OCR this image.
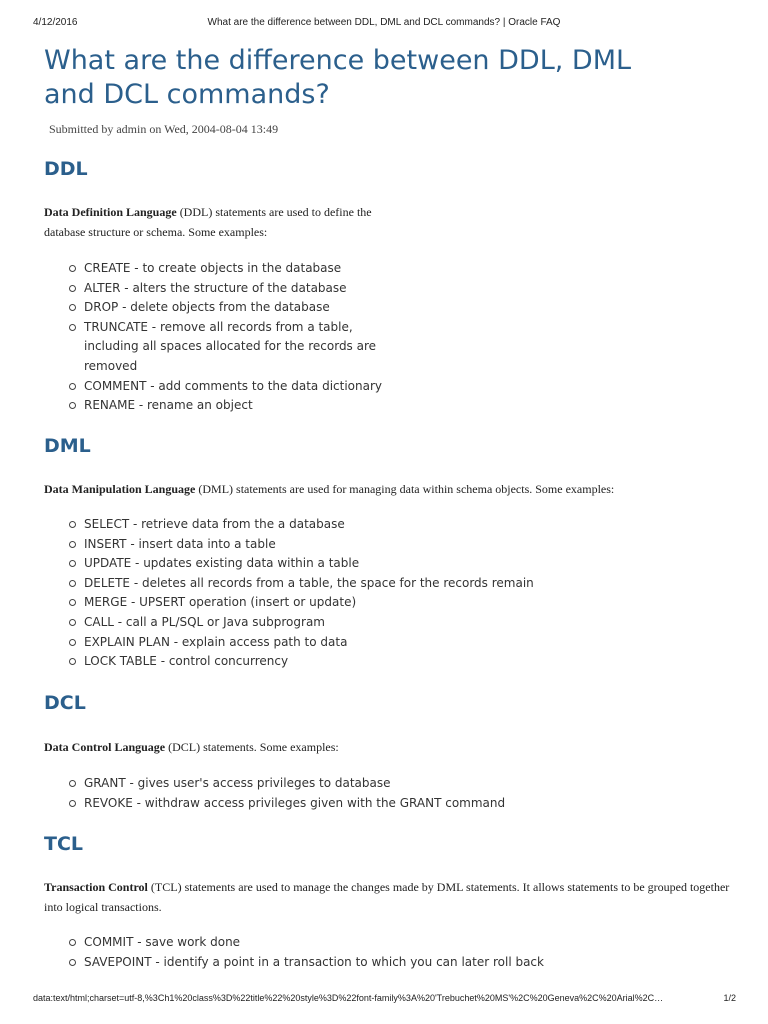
4/12/2016	What are the difference between DDL, DML and DCL commands? | Oracle FAQ
What are the difference between DDL, DML and DCL commands?
Submitted by admin on Wed, 2004-08-04 13:49
DDL

Data Definition Language (DDL) statements are used to define the
database structure or schema. Some examples:

CREATE - to create objects in the database
ALTER - alters the structure of the database
DROP - delete objects from the database
TRUNCATE - remove all records from a table, including all spaces allocated for the records are removed
COMMENT - add comments to the data dictionary
RENAME - rename an object
DML

Data Manipulation Language (DML) statements are used for managing data within schema objects. Some examples:

SELECT - retrieve data from the a database
INSERT - insert data into a table
UPDATE - updates existing data within a table
DELETE - deletes all records from a table, the space for the records remain
MERGE - UPSERT operation (insert or update)
CALL - call a PL/SQL or Java subprogram
EXPLAIN PLAN - explain access path to data
LOCK TABLE - control concurrency
DCL

Data Control Language (DCL) statements. Some examples:

GRANT - gives user's access privileges to database
REVOKE - withdraw access privileges given with the GRANT command
TCL

Transaction Control (TCL) statements are used to manage the changes made by DML statements. It allows statements to be grouped together into logical transactions.

COMMIT - save work done
SAVEPOINT - identify a point in a transaction to which you can later roll back
data:text/html;charset=utf-8,%3Ch1%20class%3D%22title%22%20style%3D%22font-family%3A%20'Trebuchet%20MS'%2C%20Geneva%2C%20Arial%2C…	1/2
